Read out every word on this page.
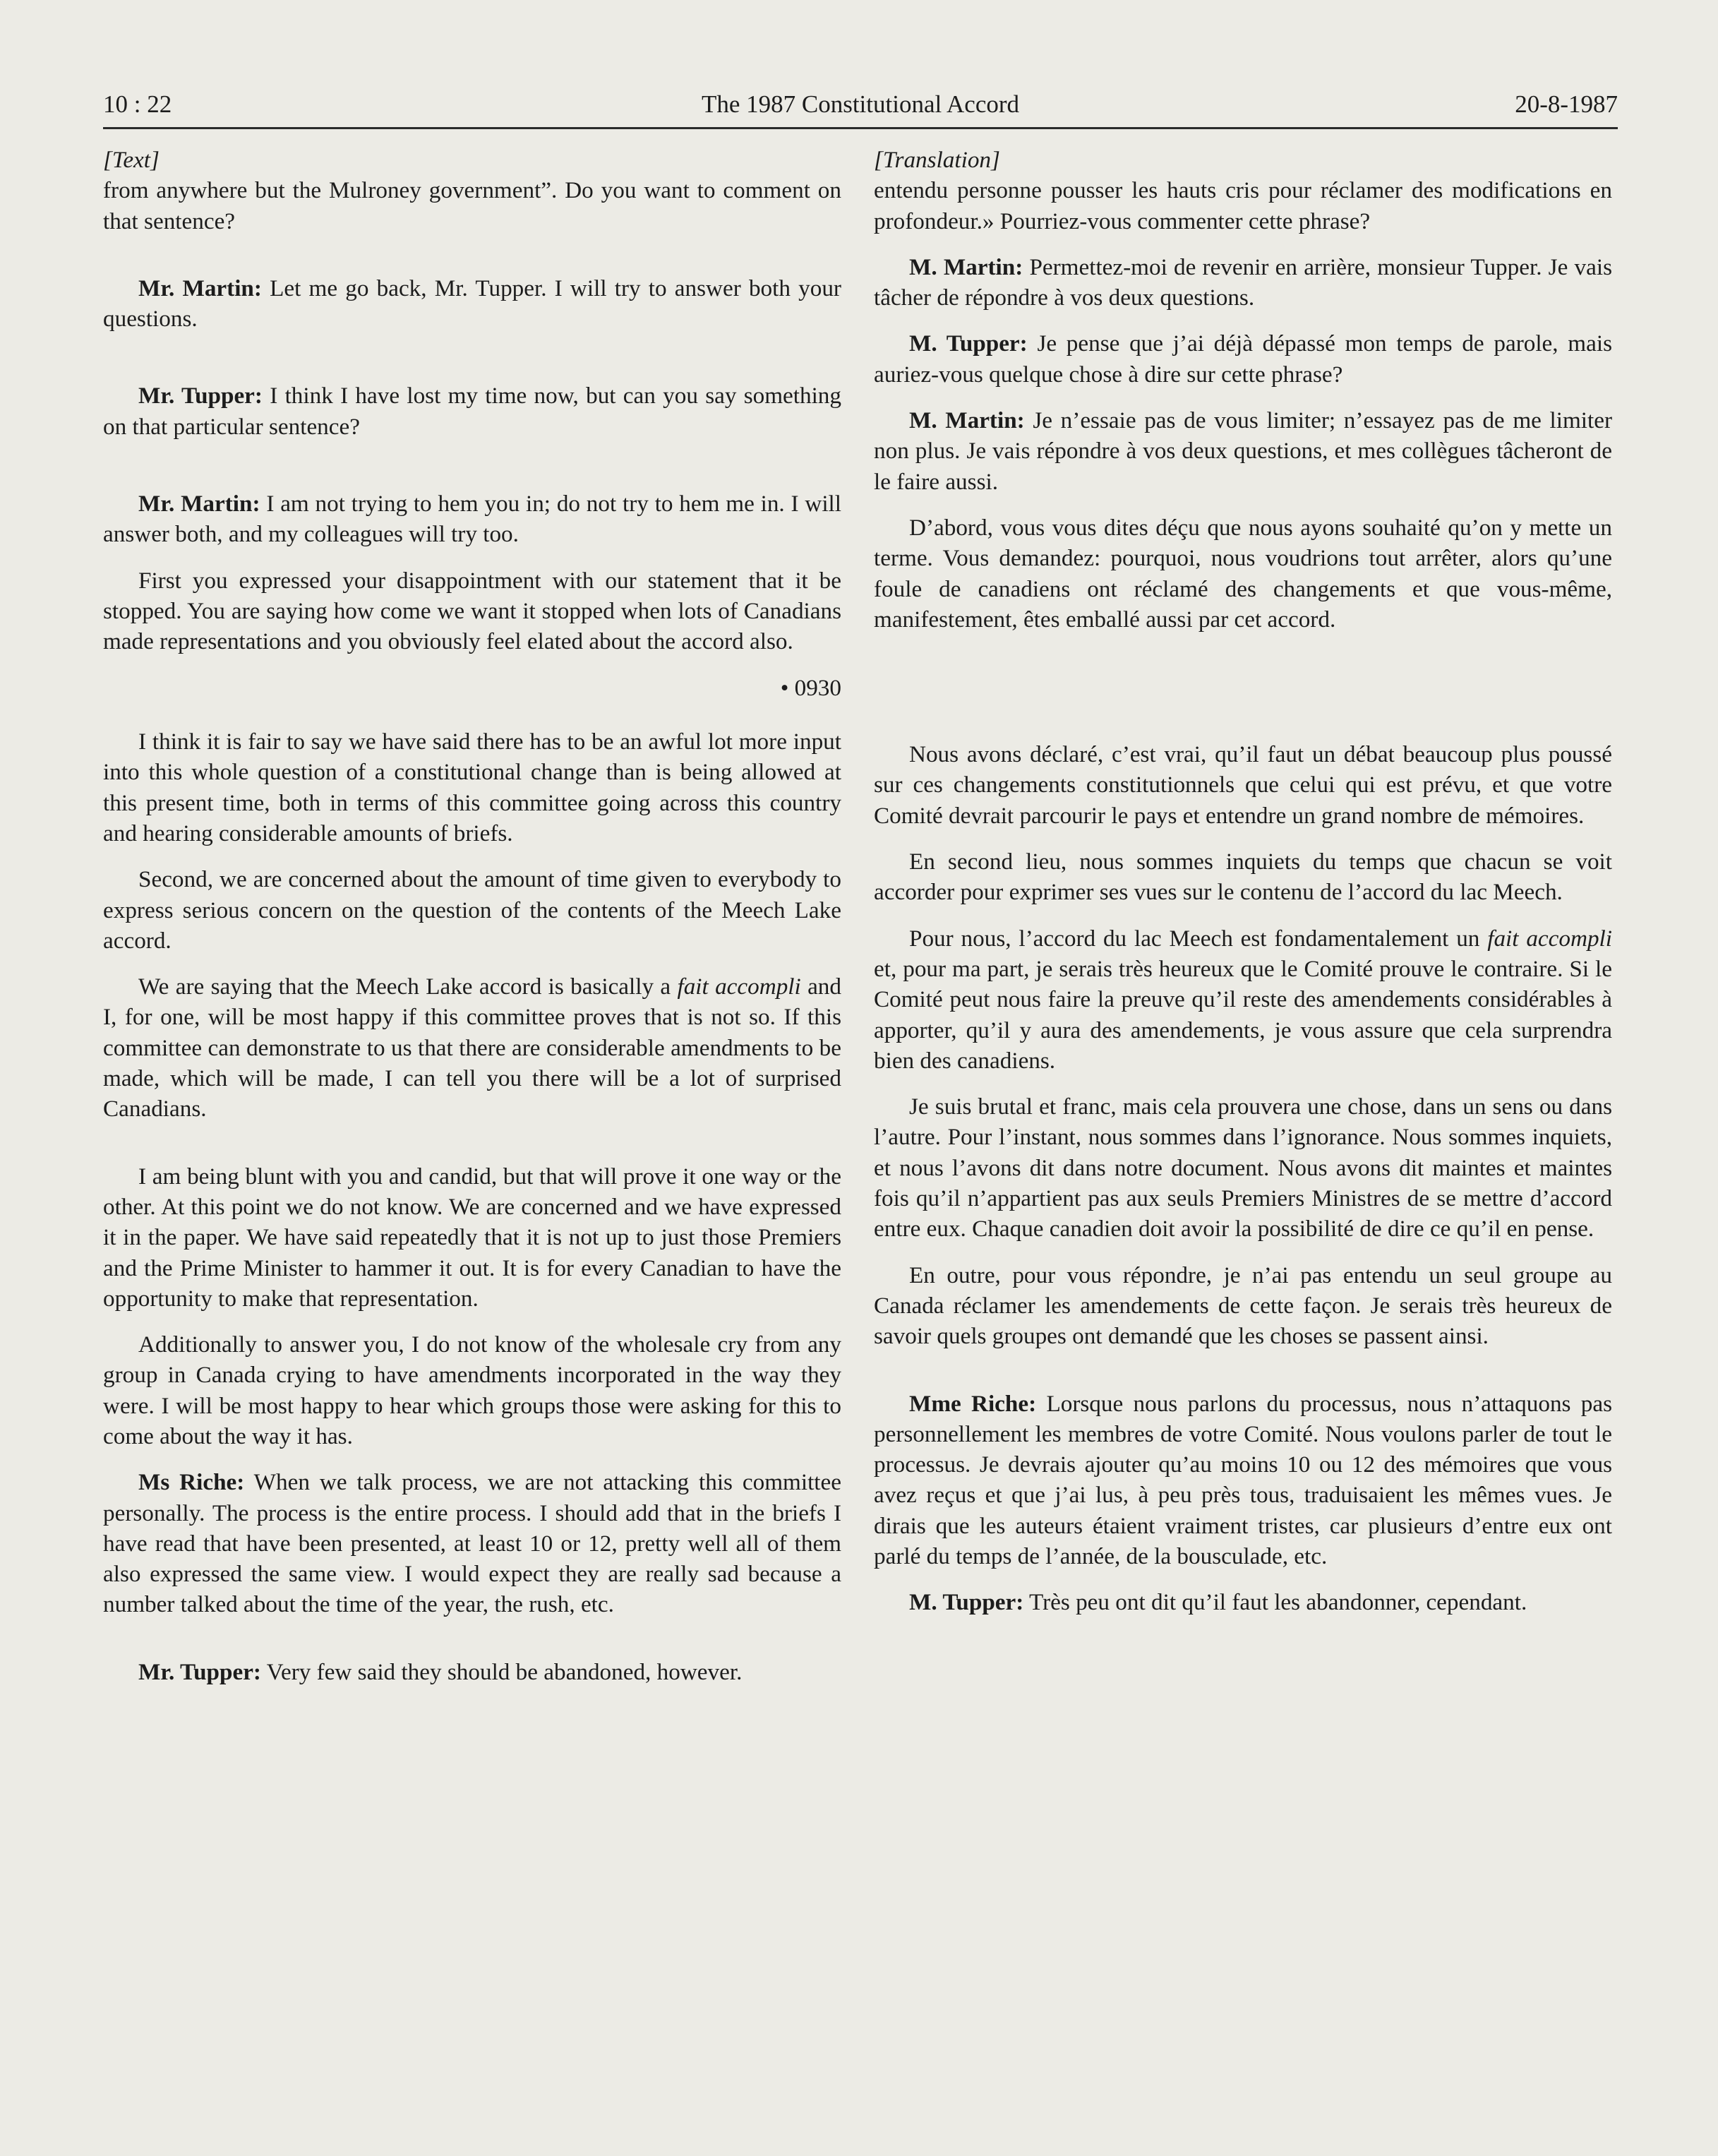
10 : 22	The 1987 Constitutional Accord	20-8-1987

[Text]

from anywhere but the Mulroney government”. Do you want to comment on that sentence?

Mr. Martin: Let me go back, Mr. Tupper. I will try to answer both your questions.

Mr. Tupper: I think I have lost my time now, but can you say something on that particular sentence?

Mr. Martin: I am not trying to hem you in; do not try to hem me in. I will answer both, and my colleagues will try too.

First you expressed your disappointment with our statement that it be stopped. You are saying how come we want it stopped when lots of Canadians made representations and you obviously feel elated about the accord also.

• 0930

I think it is fair to say we have said there has to be an awful lot more input into this whole question of a constitutional change than is being allowed at this present time, both in terms of this committee going across this country and hearing considerable amounts of briefs.

Second, we are concerned about the amount of time given to everybody to express serious concern on the question of the contents of the Meech Lake accord.

We are saying that the Meech Lake accord is basically a fait accompli and I, for one, will be most happy if this committee proves that is not so. If this committee can demonstrate to us that there are considerable amendments to be made, which will be made, I can tell you there will be a lot of surprised Canadians.

I am being blunt with you and candid, but that will prove it one way or the other. At this point we do not know. We are concerned and we have expressed it in the paper. We have said repeatedly that it is not up to just those Premiers and the Prime Minister to hammer it out. It is for every Canadian to have the opportunity to make that representation.

Additionally to answer you, I do not know of the wholesale cry from any group in Canada crying to have amendments incorporated in the way they were. I will be most happy to hear which groups those were asking for this to come about the way it has.

Ms Riche: When we talk process, we are not attacking this committee personally. The process is the entire process. I should add that in the briefs I have read that have been presented, at least 10 or 12, pretty well all of them also expressed the same view. I would expect they are really sad because a number talked about the time of the year, the rush, etc.

Mr. Tupper: Very few said they should be abandoned, however.

[Translation]

entendu personne pousser les hauts cris pour réclamer des modifications en profondeur.» Pourriez-vous commenter cette phrase?

M. Martin: Permettez-moi de revenir en arrière, monsieur Tupper. Je vais tâcher de répondre à vos deux questions.

M. Tupper: Je pense que j’ai déjà dépassé mon temps de parole, mais auriez-vous quelque chose à dire sur cette phrase?

M. Martin: Je n’essaie pas de vous limiter; n’essayez pas de me limiter non plus. Je vais répondre à vos deux questions, et mes collègues tâcheront de le faire aussi.

D’abord, vous vous dites déçu que nous ayons souhaité qu’on y mette un terme. Vous demandez: pourquoi, nous voudrions tout arrêter, alors qu’une foule de canadiens ont réclamé des changements et que vous-même, manifestement, êtes emballé aussi par cet accord.

Nous avons déclaré, c’est vrai, qu’il faut un débat beaucoup plus poussé sur ces changements constitutionnels que celui qui est prévu, et que votre Comité devrait parcourir le pays et entendre un grand nombre de mémoires.

En second lieu, nous sommes inquiets du temps que chacun se voit accorder pour exprimer ses vues sur le contenu de l’accord du lac Meech.

Pour nous, l’accord du lac Meech est fondamentalement un fait accompli et, pour ma part, je serais très heureux que le Comité prouve le contraire. Si le Comité peut nous faire la preuve qu’il reste des amendements considérables à apporter, qu’il y aura des amendements, je vous assure que cela surprendra bien des canadiens.

Je suis brutal et franc, mais cela prouvera une chose, dans un sens ou dans l’autre. Pour l’instant, nous sommes dans l’ignorance. Nous sommes inquiets, et nous l’avons dit dans notre document. Nous avons dit maintes et maintes fois qu’il n’appartient pas aux seuls Premiers Ministres de se mettre d’accord entre eux. Chaque canadien doit avoir la possibilité de dire ce qu’il en pense.

En outre, pour vous répondre, je n’ai pas entendu un seul groupe au Canada réclamer les amendements de cette façon. Je serais très heureux de savoir quels groupes ont demandé que les choses se passent ainsi.

Mme Riche: Lorsque nous parlons du processus, nous n’attaquons pas personnellement les membres de votre Comité. Nous voulons parler de tout le processus. Je devrais ajouter qu’au moins 10 ou 12 des mémoires que vous avez reçus et que j’ai lus, à peu près tous, traduisaient les mêmes vues. Je dirais que les auteurs étaient vraiment tristes, car plusieurs d’entre eux ont parlé du temps de l’année, de la bousculade, etc.

M. Tupper: Très peu ont dit qu’il faut les abandonner, cependant.
